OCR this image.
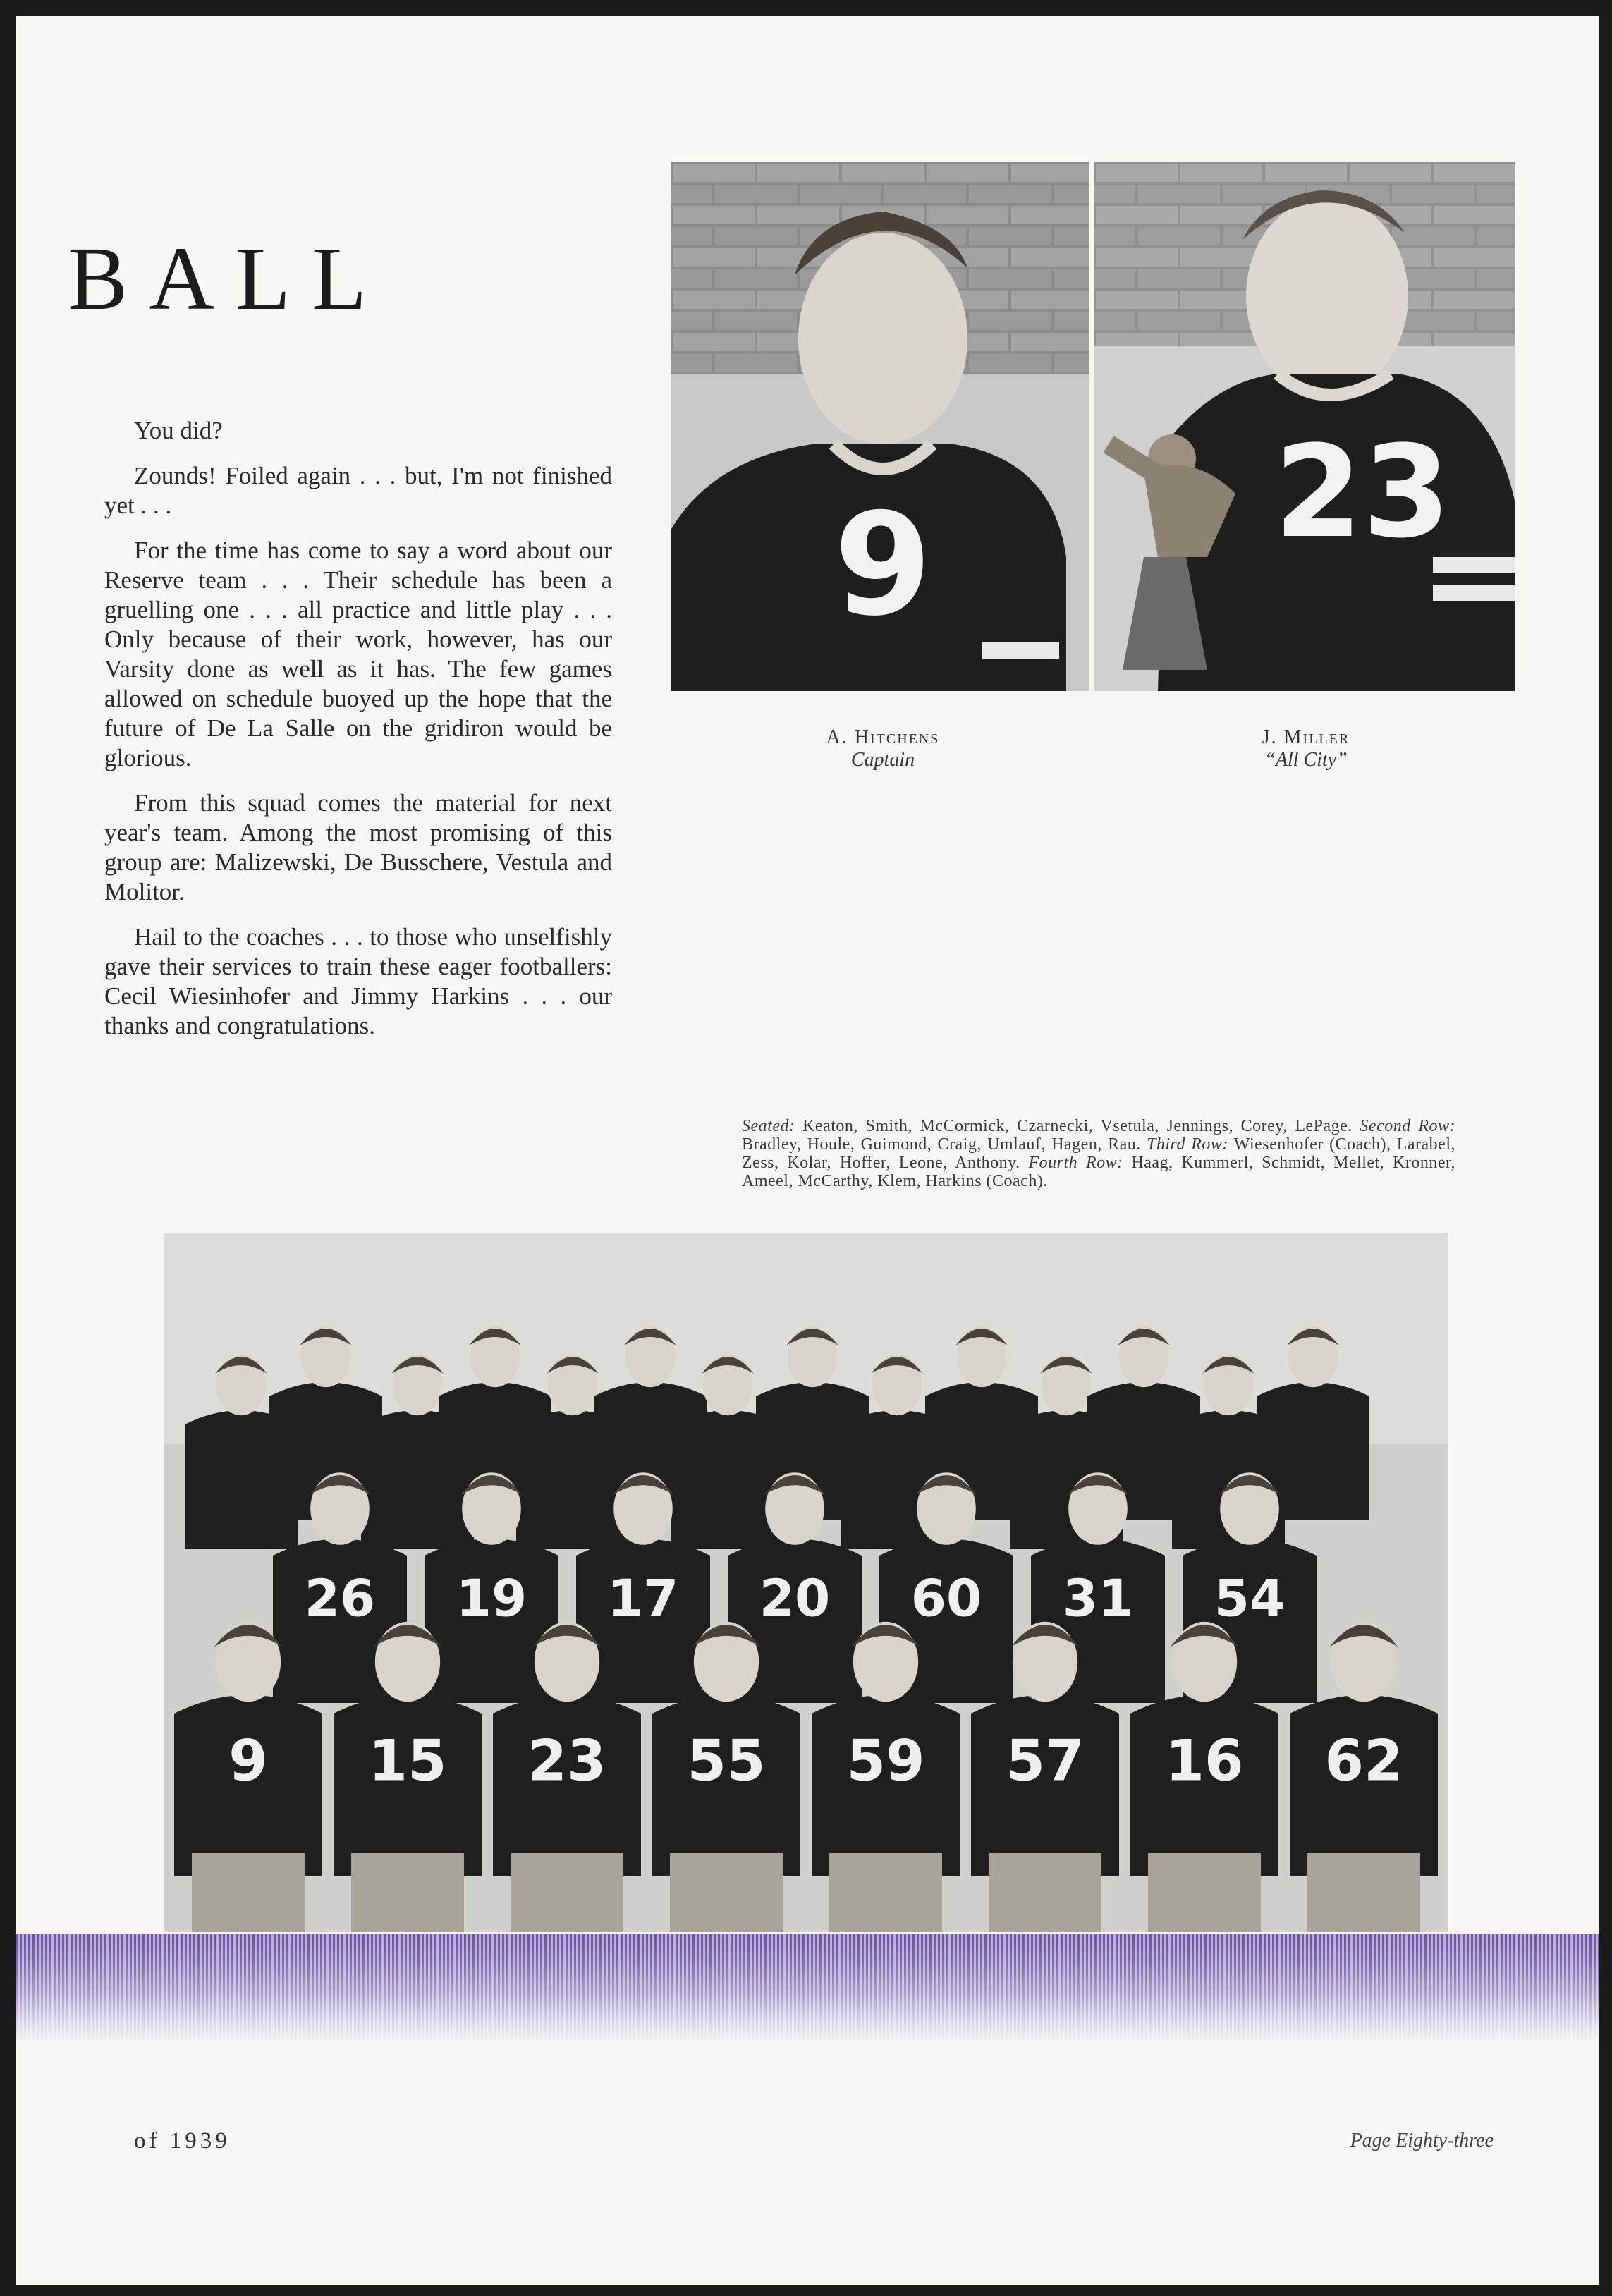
BALL

You did?

Zounds! Foiled again . . . but, I'm not finished yet . . .

For the time has come to say a word about our Reserve team . . . Their schedule has been a gruelling one . . . all practice and little play . . . Only because of their work, however, has our Varsity done as well as it has. The few games allowed on schedule buoyed up the hope that the future of De La Salle on the gridiron would be glorious.

From this squad comes the material for next year's team. Among the most promising of this group are: Malizewski, De Busschere, Vestula and Molitor.

Hail to the coaches . . . to those who unselfishly gave their services to train these eager footballers: Cecil Wiesinhofer and Jimmy Harkins . . . our thanks and congratulations.

9	23
A. Hitchens
Captain
J. Miller
“All City”
Seated: Keaton, Smith, McCormick, Czarnecki, Vsetula, Jennings, Corey, LePage. Second Row: Bradley, Houle, Guimond, Craig, Umlauf, Hagen, Rau. Third Row: Wiesenhofer (Coach), Larabel, Zess, Kolar, Hoffer, Leone, Anthony. Fourth Row: Haag, Kummerl, Schmidt, Mellet, Kronner, Ameel, McCarthy, Klem, Harkins (Coach).
26 19 17 20 60 31 54
9 15 23 55 59 57 16 62
of 1939	Page Eighty-three
